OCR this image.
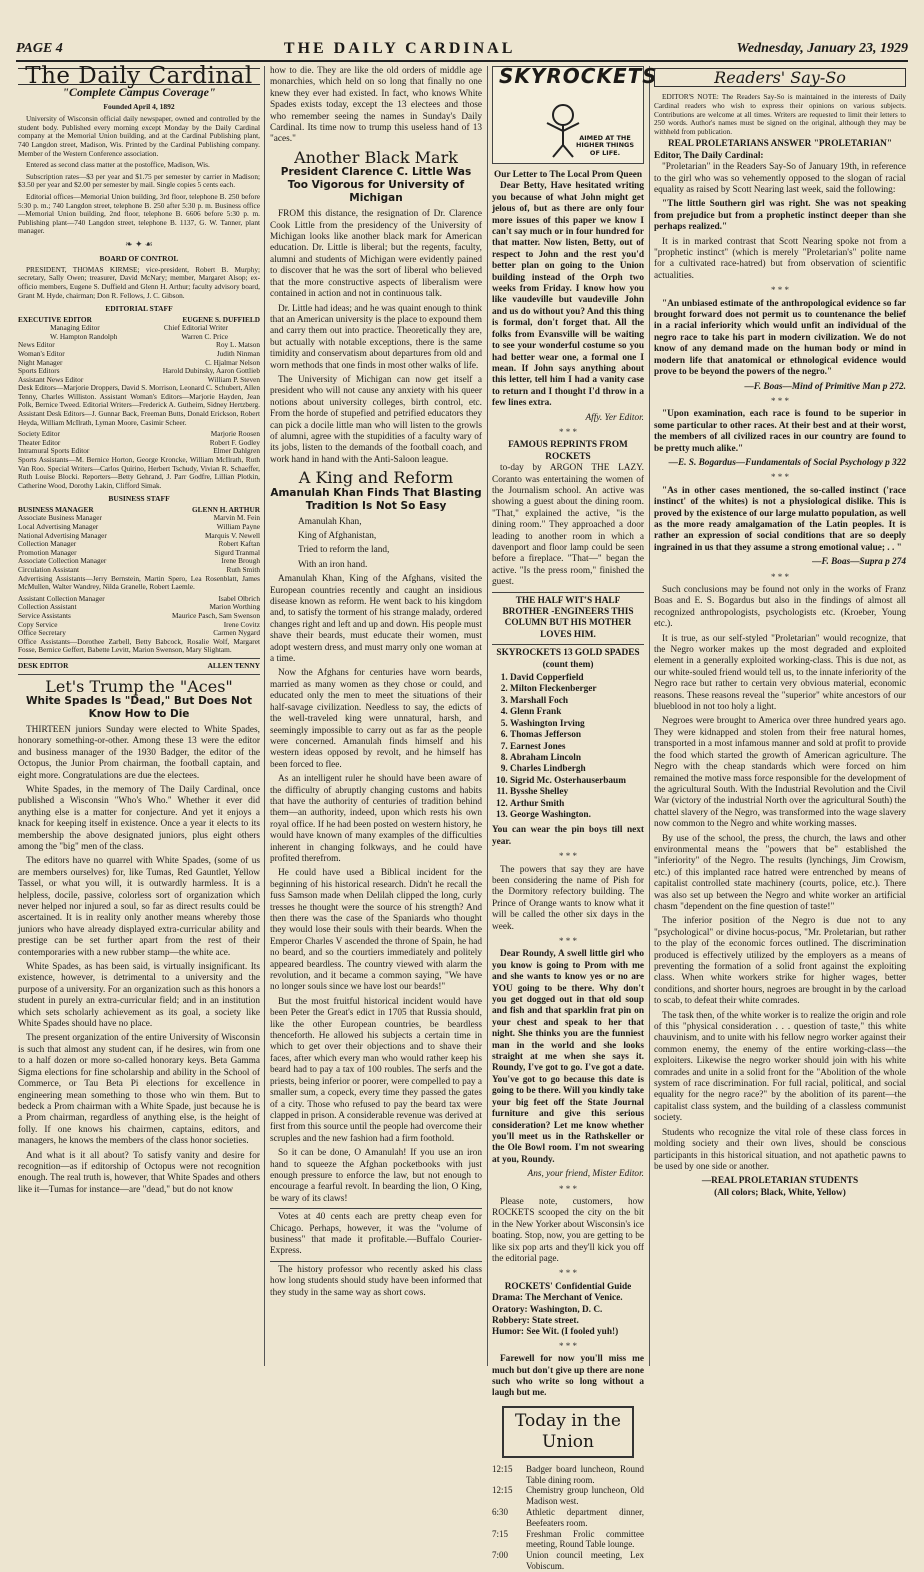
PAGE 4	THE DAILY CARDINAL	Wednesday, January 23, 1929
The Daily Cardinal
"Complete Campus Coverage"
Founded April 4, 1892

University of Wisconsin official daily newspaper, owned and controlled by the student body. Published every morning except Monday by the Daily Cardinal company at the Memorial Union building, and at the Cardinal Publishing plant, 740 Langdon street, Madison, Wis. Printed by the Cardinal Publishing company. Member of the Western Conference association.

Entered as second class matter at the postoffice, Madison, Wis.

Subscription rates—$3 per year and $1.75 per semester by carrier in Madison; $3.50 per year and $2.00 per semester by mail. Single copies 5 cents each.

Editorial offices—Memorial Union building, 3rd floor, telephone B. 250 before 5:30 p. m.; 740 Langdon street, telephone B. 250 after 5:30 p. m. Business office—Memorial Union building, 2nd floor, telephone B. 6606 before 5:30 p. m. Publishing plant—740 Langdon street, telephone B. 1137, G. W. Tanner, plant manager.

❧ ✦ ☙
BOARD OF CONTROL

PRESIDENT, THOMAS KIRMSE; vice-president, Robert B. Murphy; secretary, Sally Owen; treasurer, David McNary; member, Margaret Alsop; ex-officio members, Eugene S. Duffield and Glenn H. Arthur; faculty advisory board, Grant M. Hyde, chairman; Don R. Fellows, J. C. Gibson.

EDITORIAL STAFF
EXECUTIVE EDITOR	EUGENE S. DUFFIELD
Managing Editor	Chief Editorial Writer
W. Hampton Randolph	Warren C. Price
News Editor	Roy L. Matson
Woman's Editor	Judith Ninman
Night Manager	C. Hjalmar Nelson
Sports Editors	Harold Dubinsky, Aaron Gottlieb
Assistant News Editor	William P. Steven

Desk Editors—Marjorie Droppers, David S. Morrison, Leonard C. Schubert, Allen Tenny, Charles Williston. Assistant Woman's Editors—Marjorie Hayden, Jean Polk, Bernice Tweed. Editorial Writers—Frederick A. Gutheim, Sidney Hertzberg. Assistant Desk Editors—J. Gunnar Back, Freeman Butts, Donald Erickson, Robert Heyda, William McIlrath, Lyman Moore, Casimir Scheer.

Society Editor	Marjorie Roosen
Theater Editor	Robert F. Godley
Intramural Sports Editor	Elmer Dahlgren

Sports Assistants—M. Bernice Horton, George Kroncke, William McIlrath, Ruth Van Roo. Special Writers—Carlos Quirino, Herbert Tschudy, Vivian R. Schaeffer, Ruth Louise Blocki. Reporters—Betty Gehrand, J. Parr Godfre, Lillian Plotkin, Catherine Wood, Dorothy Lakin, Clifford Simak.

BUSINESS STAFF
BUSINESS MANAGER	GLENN H. ARTHUR
Associate Business Manager	Marvin M. Fein
Local Advertising Manager	William Payne
National Advertising Manager	Marquis V. Newell
Collection Manager	Robert Kaftan
Promotion Manager	Sigurd Tranmal
Associate Collection Manager	Irene Brough
Circulation Assistant	Ruth Smith

Advertising Assistants—Jerry Bernstein, Martin Spero, Lea Rosenblatt, James McMullen, Walter Wandrey, Nilda Granelle, Robert Laemle.

Assistant Collection Manager	Isabel Olbrich
Collection Assistant	Marion Worthing
Service Assistants	Maurice Pasch, Sam Swenson
Copy Service	Irene Covitz
Office Secretary	Carmen Nygard

Office Assistants—Dorothee Zarbell, Betty Babcock, Rosalie Wolf, Margaret Fosse, Bernice Geffert, Babette Levitt, Marion Swenson, Mary Slightam.

DESK EDITOR	ALLEN TENNY
Let's Trump the "Aces"
White Spades Is "Dead," But Does Not Know How to Die

THIRTEEN juniors Sunday were elected to White Spades, honorary something-or-other. Among these 13 were the editor and business manager of the 1930 Badger, the editor of the Octopus, the Junior Prom chairman, the football captain, and eight more. Congratulations are due the electees.

White Spades, in the memory of The Daily Cardinal, once published a Wisconsin "Who's Who." Whether it ever did anything else is a matter for conjecture. And yet it enjoys a knack for keeping itself in existence. Once a year it elects to its membership the above designated juniors, plus eight others among the "big" men of the class.

The editors have no quarrel with White Spades, (some of us are members ourselves) for, like Tumas, Red Gauntlet, Yellow Tassel, or what you will, it is outwardly harmless. It is a helpless, docile, passive, colorless sort of organization which never helped nor injured a soul, so far as direct results could be ascertained. It is in reality only another means whereby those juniors who have already displayed extra-curricular ability and prestige can be set further apart from the rest of their contemporaries with a new rubber stamp—the white ace.

White Spades, as has been said, is virtually insignificant. Its existence, however, is detrimental to a university and the purpose of a university. For an organization such as this honors a student in purely an extra-curricular field; and in an institution which sets scholarly achievement as its goal, a society like White Spades should have no place.

The present organization of the entire University of Wisconsin is such that almost any student can, if he desires, win from one to a half dozen or more so-called honorary keys. Beta Gamma Sigma elections for fine scholarship and ability in the School of Commerce, or Tau Beta Pi elections for excellence in engineering mean something to those who win them. But to bedeck a Prom chairman with a White Spade, just because he is a Prom chairman, regardless of anything else, is the height of folly. If one knows his chairmen, captains, editors, and managers, he knows the members of the class honor societies.

And what is it all about? To satisfy vanity and desire for recognition—as if editorship of Octopus were not recognition enough. The real truth is, however, that White Spades and others like it—Tumas for instance—are "dead," but do not know

how to die. They are like the old orders of middle age monarchies, which held on so long that finally no one knew they ever had existed. In fact, who knows White Spades exists today, except the 13 electees and those who remember seeing the names in Sunday's Daily Cardinal. Its time now to trump this useless hand of 13 "aces."

Another Black Mark
President Clarence C. Little Was Too Vigorous for University of Michigan

FROM this distance, the resignation of Dr. Clarence Cook Little from the presidency of the University of Michigan looks like another black mark for American education. Dr. Little is liberal; but the regents, faculty, alumni and students of Michigan were evidently pained to discover that he was the sort of liberal who believed that the more constructive aspects of liberalism were contained in action and not in continuous talk.

Dr. Little had ideas; and he was quaint enough to think that an American university is the place to expound them and carry them out into practice. Theoretically they are, but actually with notable exceptions, there is the same timidity and conservatism about departures from old and worn methods that one finds in most other walks of life.

The University of Michigan can now get itself a president who will not cause any anxiety with his queer notions about university colleges, birth control, etc. From the horde of stupefied and petrified educators they can pick a docile little man who will listen to the growls of alumni, agree with the stupidities of a faculty wary of its jobs, listen to the demands of the football coach, and work hand in hand with the Anti-Saloon league.

A King and Reform
Amanulah Khan Finds That Blasting Tradition Is Not So Easy

Amanulah Khan,

King of Afghanistan,

Tried to reform the land,

With an iron hand.

Amanulah Khan, King of the Afghans, visited the European countries recently and caught an insidious disease known as reform. He went back to his kingdom and, to satisfy the torment of his strange malady, ordered changes right and left and up and down. His people must shave their beards, must educate their women, must adopt western dress, and must marry only one woman at a time.

Now the Afghans for centuries have worn beards, married as many women as they chose or could, and educated only the men to meet the situations of their half-savage civilization. Needless to say, the edicts of the well-traveled king were unnatural, harsh, and seemingly impossible to carry out as far as the people were concerned. Amanulah finds himself and his western ideas opposed by revolt, and he himself has been forced to flee.

As an intelligent ruler he should have been aware of the difficulty of abruptly changing customs and habits that have the authority of centuries of tradition behind them—an authority, indeed, upon which rests his own royal office. If he had been posted on western history, he would have known of many examples of the difficulties inherent in changing folkways, and he could have profited therefrom.

He could have used a Biblical incident for the beginning of his historical research. Didn't he recall the fuss Samson made when Delilah clipped the long, curly tresses he thought were the source of his strength? And then there was the case of the Spaniards who thought they would lose their souls with their beards. When the Emperor Charles V ascended the throne of Spain, he had no beard, and so the courtiers immediately and politely appeared beardless. The country viewed with alarm the revolution, and it became a common saying, "We have no longer souls since we have lost our beards!"

But the most fruitful historical incident would have been Peter the Great's edict in 1705 that Russia should, like the other European countries, be beardless thenceforth. He allowed his subjects a certain time in which to get over their objections and to shave their faces, after which every man who would rather keep his beard had to pay a tax of 100 roubles. The serfs and the priests, being inferior or poorer, were compelled to pay a smaller sum, a copeck, every time they passed the gates of a city. Those who refused to pay the beard tax were clapped in prison. A considerable revenue was derived at first from this source until the people had overcome their scruples and the new fashion had a firm foothold.

So it can be done, O Amanulah! If you use an iron hand to squeeze the Afghan pocketbooks with just enough pressure to enforce the law, but not enough to encourage a fearful revolt. In bearding the lion, O King, be wary of its claws!

Votes at 40 cents each are pretty cheap even for Chicago. Perhaps, however, it was the "volume of business" that made it profitable.—Buffalo Courier-Express.

The history professor who recently asked his class how long students should study have been informed that they study in the same way as short cows.

SKYROCKETS
AIMED AT THE HIGHER THINGS OF LIFE.
Our Letter to The Local Prom Queen

Dear Betty, Have hesitated writing you because of what John might get jelous of, but as there are only four more issues of this paper we know I can't say much or in four hundred for that matter. Now listen, Betty, out of respect to John and the rest you'd better plan on going to the Union building instead of the Orph two weeks from Friday. I know how you like vaudeville but vaudeville John and us do without you? And this thing is formal, don't forget that. All the folks from Evansville will be waiting to see your wonderful costume so you had better wear one, a formal one I mean. If John says anything about this letter, tell him I had a vanity case to return and I thought I'd throw in a few lines extra.

Affy. Yer Editor.

* * *
FAMOUS REPRINTS FROM ROCKETS

to-day by ARGON THE LAZY. Coranto was entertaining the women of the Journalism school. An active was showing a guest about the dining room. "That," explained the active, "is the dining room." They approached a door leading to another room in which a davenport and floor lamp could be seen before a fireplace. "That—" began the active. "Is the press room," finished the guest.

THE HALF WIT'S HALF BROTHER -ENGINEERS THIS COLUMN BUT HIS MOTHER LOVES HIM.
SKYROCKETS 13 GOLD SPADES
(count them)
1. David Copperfield
2. Milton Fleckenberger
3. Marshall Foch
4. Glenn Frank
5. Washington Irving
6. Thomas Jefferson
7. Earnest Jones
8. Abraham Lincoln
9. Charles Lindbergh
10. Sigrid Mc. Osterhauserbaum
11. Bysshe Shelley
12. Arthur Smith
13. George Washington.

You can wear the pin boys till next year.

* * *

The powers that say they are have been considering the name of Pish for the Dormitory refectory building. The Prince of Orange wants to know what it will be called the other six days in the week.

* * *

Dear Roundy, A swell little girl who you know is going to Prom with me and she wants to know yes or no are YOU going to be there. Why don't you get dogged out in that old soup and fish and that sparklin frat pin on your chest and speak to her that night. She thinks you are the funniest man in the world and she looks straight at me when she says it. Roundy, I've got to go. I've got a date. You've got to go because this date is going to be there. Will you kindly take your big feet off the State Journal furniture and give this serious consideration? Let me know whether you'll meet us in the Rathskeller or the Ole Bowl room. I'm not swearing at you, Roundy.

Ans, your friend, Mister Editor.

* * *

Please note, customers, how ROCKETS scooped the city on the bit in the New Yorker about Wisconsin's ice boating. Stop, now, you are getting to be like six pop arts and they'll kick you off the editorial page.

* * *
ROCKETS' Confidential Guide
Drama: The Merchant of Venice.
Oratory: Washington, D. C.
Robbery: State street.
Humor: See Wit. (I fooled yuh!)
* * *

Farewell for now you'll miss me much but don't give up there are none such who write so long without a laugh but me.

Today in the Union
12:15	Badger board luncheon, Round Table dining room.
12:15	Chemistry group luncheon, Old Madison west.
6:30	Athletic department dinner, Beefeaters room.
7:15	Freshman Frolic committee meeting, Round Table lounge.
7:00	Union council meeting, Lex Vobiscum.
Readers' Say-So

EDITOR'S NOTE: The Readers Say-So is maintained in the interests of Daily Cardinal readers who wish to express their opinions on various subjects. Contributions are welcome at all times. Writers are requested to limit their letters to 250 words. Author's names must be signed on the original, although they may be withheld from publication.

REAL PROLETARIANS ANSWER "PROLETARIAN"
Editor, The Daily Cardinal:

"Proletarian" in the Readers Say-So of January 19th, in reference to the girl who was so vehemently opposed to the slogan of racial equality as raised by Scott Nearing last week, said the following:

"The little Southern girl was right. She was not speaking from prejudice but from a prophetic instinct deeper than she perhaps realized."

It is in marked contrast that Scott Nearing spoke not from a "prophetic instinct" (which is merely "Proletarian's" polite name for a cultivated race-hatred) but from observation of scientific actualities.

* * *

"An unbiased estimate of the anthropological evidence so far brought forward does not permit us to countenance the belief in a racial inferiority which would unfit an individual of the negro race to take his part in modern civilization. We do not know of any demand made on the human body or mind in modern life that anatomical or ethnological evidence would prove to be beyond the powers of the negro."

—F. Boas—Mind of Primitive Man p 272.

* * *

"Upon examination, each race is found to be superior in some particular to other races. At their best and at their worst, the members of all civilized races in our country are found to be pretty much alike."

—E. S. Bogardus—Fundamentals of Social Psychology p 322

* * *

"As in other cases mentioned, the so-called instinct ('race instinct' of the whites) is not a physiological dislike. This is proved by the existence of our large mulatto population, as well as the more ready amalgamation of the Latin peoples. It is rather an expression of social conditions that are so deeply ingrained in us that they assume a strong emotional value; . . "

—F. Boas—Supra p 274

* * *

Such conclusions may be found not only in the works of Franz Boas and E. S. Bogardus but also in the findings of almost all recognized anthropologists, psychologists etc. (Kroeber, Young etc.).

It is true, as our self-styled "Proletarian" would recognize, that the Negro worker makes up the most degraded and exploited element in a generally exploited working-class. This is due not, as our white-souled friend would tell us, to the innate inferiority of the Negro race but rather to certain very obvious material, economic reasons. These reasons reveal the "superior" white ancestors of our blueblood in not too holy a light.

Negroes were brought to America over three hundred years ago. They were kidnapped and stolen from their free natural homes, transported in a most infamous manner and sold at profit to provide the food which started the growth of American agriculture. The Negro with the cheap standards which were forced on him remained the motive mass force responsible for the development of the agricultural South. With the Industrial Revolution and the Civil War (victory of the industrial North over the agricultural South) the chattel slavery of the Negro, was transformed into the wage slavery now common to the Negro and white working masses.

By use of the school, the press, the church, the laws and other environmental means the "powers that be" established the "inferiority" of the Negro. The results (lynchings, Jim Crowism, etc.) of this implanted race hatred were entrenched by means of capitalist controlled state machinery (courts, police, etc.). There was also set up between the Negro and white worker an artificial chasm "dependent on the fine question of taste!"

The inferior position of the Negro is due not to any "psychological" or divine hocus-pocus, "Mr. Proletarian, but rather to the play of the economic forces outlined. The discrimination produced is effectively utilized by the employers as a means of preventing the formation of a solid front against the exploiting class. When white workers strike for higher wages, better conditions, and shorter hours, negroes are brought in by the carload to scab, to defeat their white comrades.

The task then, of the white worker is to realize the origin and role of this "physical consideration . . . question of taste," this white chauvinism, and to unite with his fellow negro worker against their common enemy, the enemy of the entire working-class—the exploiters. Likewise the negro worker should join with his white comrades and unite in a solid front for the "Abolition of the whole system of race discrimination. For full racial, political, and social equality for the negro race?" by the abolition of its parent—the capitalist class system, and the building of a classless communist society.

Students who recognize the vital role of these class forces in molding society and their own lives, should be conscious participants in this historical situation, and not apathetic pawns to be used by one side or another.

—REAL PROLETARIAN STUDENTS
(All colors; Black, White, Yellow)
